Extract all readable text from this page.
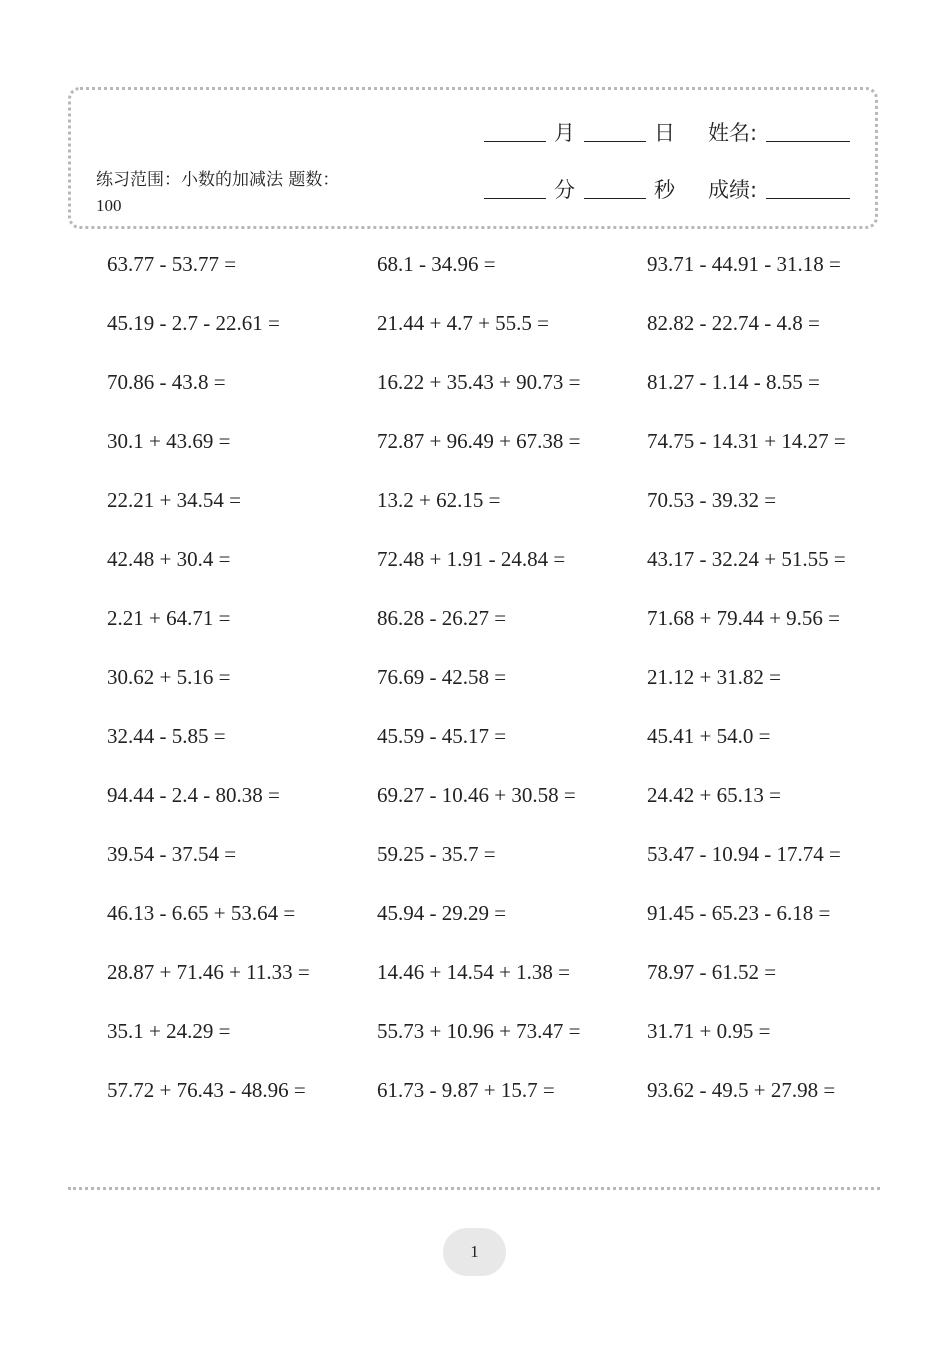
练习范围：小数的加减法 题数：100
月	日 姓名:
分	秒 成绩:
63.77 - 53.77 =	68.1 - 34.96 =	93.71 - 44.91 - 31.18 =
45.19 - 2.7 - 22.61 =	21.44 + 4.7 + 55.5 =	82.82 - 22.74 - 4.8 =
70.86 - 43.8 =	16.22 + 35.43 + 90.73 =	81.27 - 1.14 - 8.55 =
30.1 + 43.69 =	72.87 + 96.49 + 67.38 =	74.75 - 14.31 + 14.27 =
22.21 + 34.54 =	13.2 + 62.15 =	70.53 - 39.32 =
42.48 + 30.4 =	72.48 + 1.91 - 24.84 =	43.17 - 32.24 + 51.55 =
2.21 + 64.71 =	86.28 - 26.27 =	71.68 + 79.44 + 9.56 =
30.62 + 5.16 =	76.69 - 42.58 =	21.12 + 31.82 =
32.44 - 5.85 =	45.59 - 45.17 =	45.41 + 54.0 =
94.44 - 2.4 - 80.38 =	69.27 - 10.46 + 30.58 =	24.42 + 65.13 =
39.54 - 37.54 =	59.25 - 35.7 =	53.47 - 10.94 - 17.74 =
46.13 - 6.65 + 53.64 =	45.94 - 29.29 =	91.45 - 65.23 - 6.18 =
28.87 + 71.46 + 11.33 =	14.46 + 14.54 + 1.38 =	78.97 - 61.52 =
35.1 + 24.29 =	55.73 + 10.96 + 73.47 =	31.71 + 0.95 =
57.72 + 76.43 - 48.96 =	61.73 - 9.87 + 15.7 =	93.62 - 49.5 + 27.98 =
1
